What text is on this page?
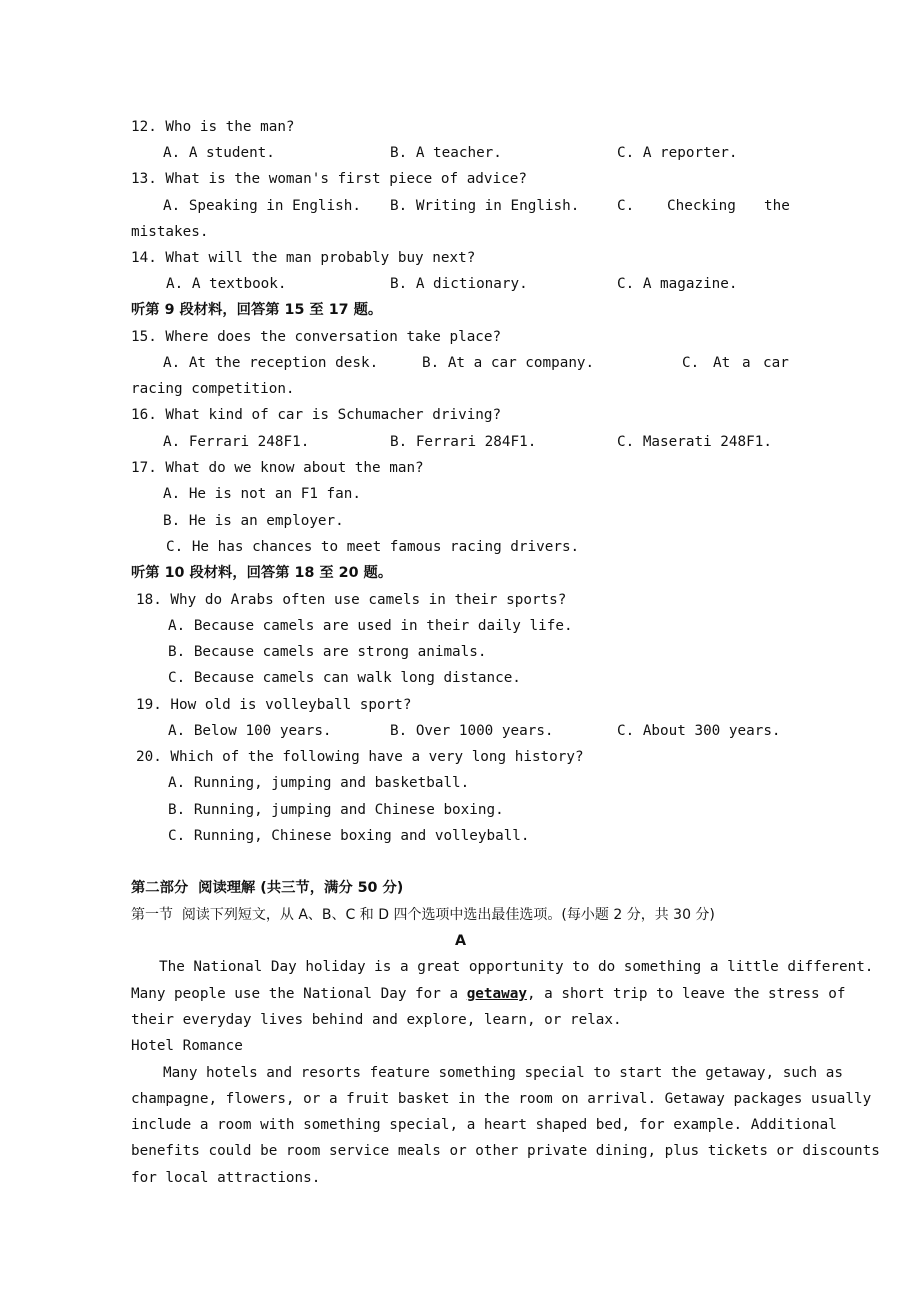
12. Who is the man?
A. A student.	B. A teacher.	C. A reporter.
13. What is the woman's first piece of advice?
A. Speaking in English. B. Writing in English.	C. Checking the
mistakes.
14. What will the man probably buy next?
A. A textbook.	B. A dictionary.	C. A magazine.
听第 9 段材料，回答第 15 至 17 题。
15. Where does the conversation take place?
A. At the reception desk.	B. At a car company.	C. At a car
racing competition.
16. What kind of car is Schumacher driving?
A. Ferrari 248F1.	B. Ferrari 284F1.	C. Maserati 248F1.
17. What do we know about the man?
A. He is not an F1 fan.
B. He is an employer.
C. He has chances to meet famous racing drivers.
听第 10 段材料，回答第 18 至 20 题。
18. Why do Arabs often use camels in their sports?
A. Because camels are used in their daily life.
B. Because camels are strong animals.
C. Because camels can walk long distance.
19. How old is volleyball sport?
A. Below 100 years.	B. Over 1000 years.	C. About 300 years.
20. Which of the following have a very long history?
A. Running, jumping and basketball.
B. Running, jumping and Chinese boxing.
C. Running, Chinese boxing and volleyball.
第二部分  阅读理解 (共三节，满分 50 分)
第一节  阅读下列短文，从 A、B、C 和 D 四个选项中选出最佳选项。(每小题 2 分，共 30 分)
A
The National Day holiday is a great opportunity to do something a little different.
Many people use the National Day for a getaway, a short trip to leave the stress of
their everyday lives behind and explore, learn, or relax.
Hotel Romance
Many hotels and resorts feature something special to start the getaway, such as
champagne, flowers, or a fruit basket in the room on arrival. Getaway packages usually
include a room with something special, a heart shaped bed, for example. Additional
benefits could be room service meals or other private dining, plus tickets or discounts
for local attractions.
